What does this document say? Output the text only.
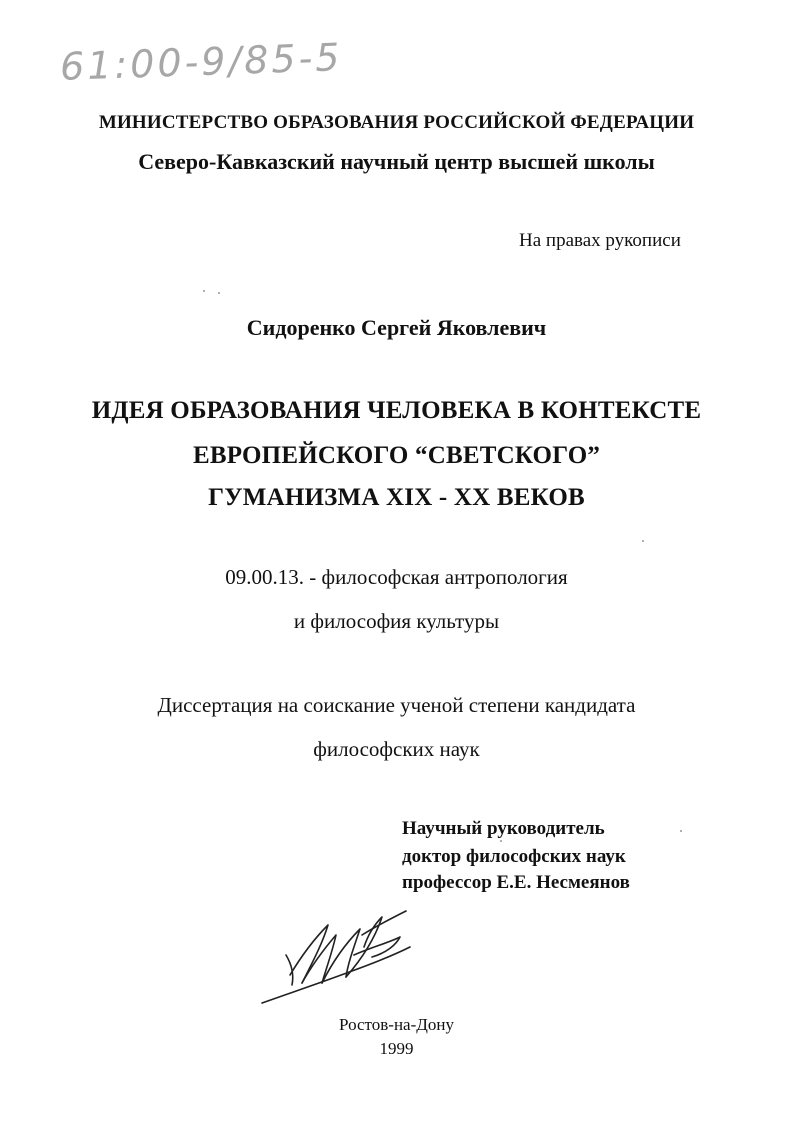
61:00-9/85-5
МИНИСТЕРСТВО ОБРАЗОВАНИЯ РОССИЙСКОЙ ФЕДЕРАЦИИ
Северо-Кавказский научный центр высшей школы
На правах рукописи
Сидоренко Сергей Яковлевич
ИДЕЯ ОБРАЗОВАНИЯ ЧЕЛОВЕКА В КОНТЕКСТЕ
ЕВРОПЕЙСКОГО “СВЕТСКОГО”
ГУМАНИЗМА XIX - XX ВЕКОВ
09.00.13. - философская антропология
и философия культуры
Диссертация на соискание ученой степени кандидата
философских наук
Научный руководитель
доктор философских наук
профессор Е.Е. Несмеянов
Ростов-на-Дону
1999
